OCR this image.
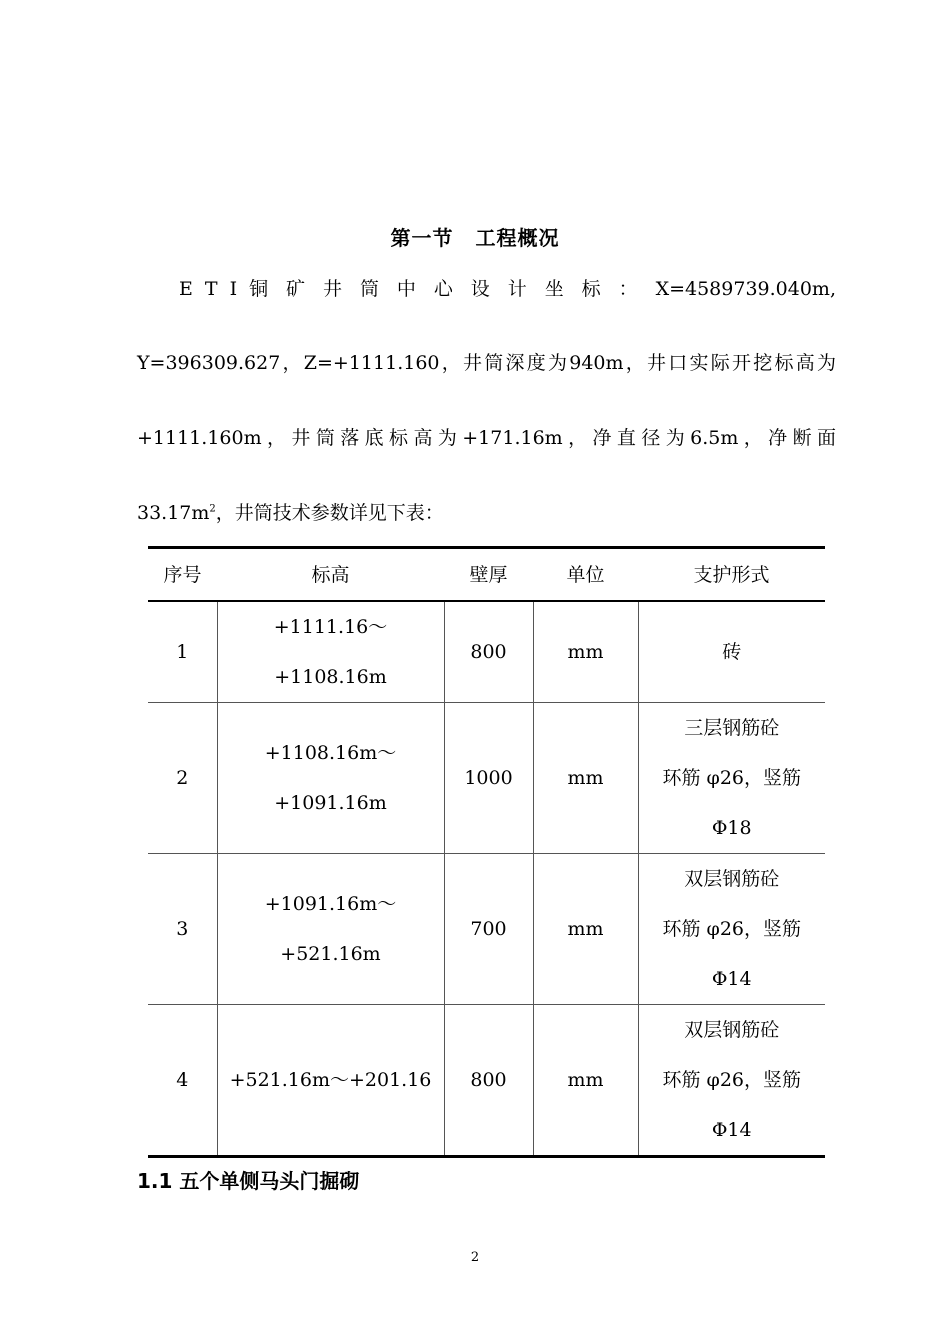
第一节 工程概况
E T I 铜 矿 井 筒 中 心 设 计 坐 标 ： X=4589739.040m,
Y=396309.627，Z=+1111.160，井筒深度为940m，井口实际开挖标高为
+1111.160m，井筒落底标高为+171.16m，净直径为6.5m，净断面
$33.17m^2$，井筒技术参数详见下表：
序号	标高	壁厚	单位	支护形式
1	+1111.16～
+1108.16m	800	mm	砖

2	+1108.16m～
+1091.16m	1000	mm	三层钢筋砼
环筋 φ26，竖筋
Φ18

3	+1091.16m～
+521.16m	700	mm	双层钢筋砼
环筋 φ26，竖筋
Φ14

4	+521.16m～+201.16	800	mm	双层钢筋砼
环筋 φ26，竖筋
Φ14
1.1 五个单侧马头门掘砌
2
